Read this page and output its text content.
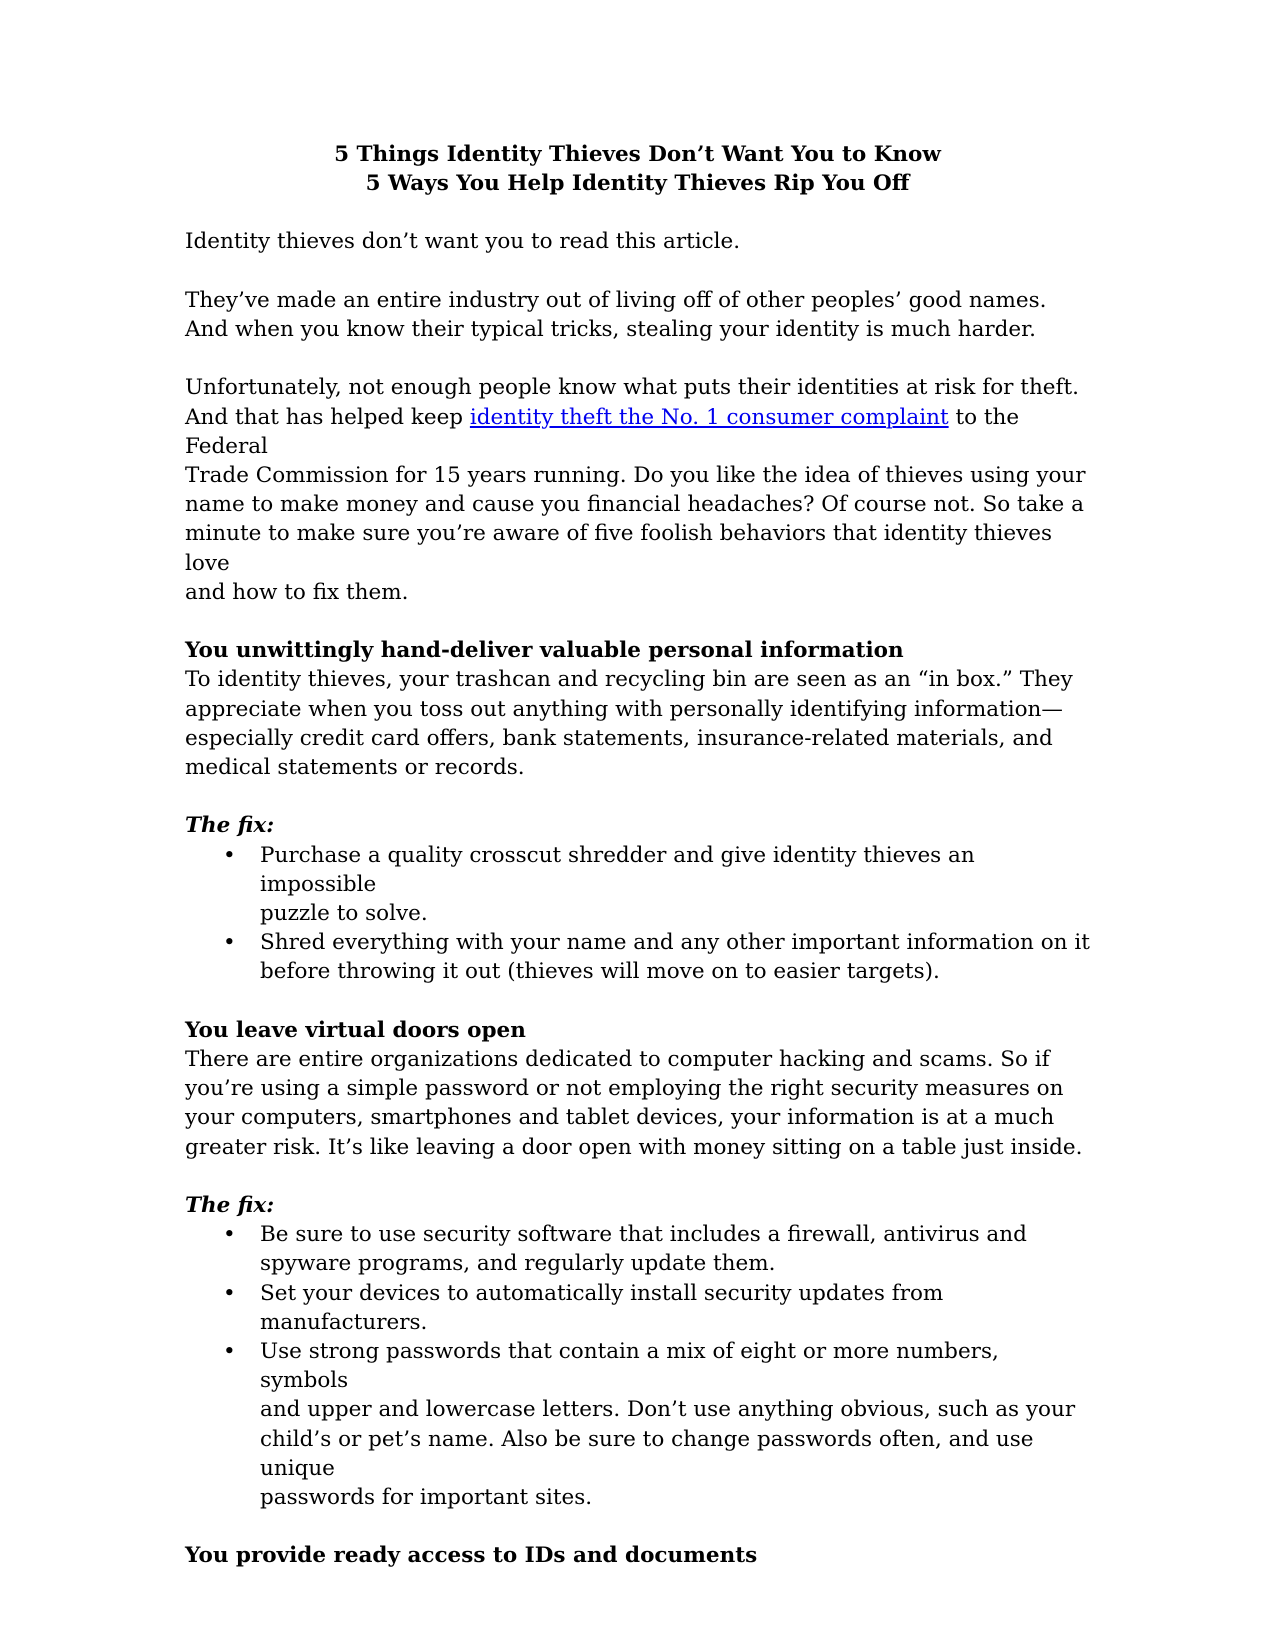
5 Things Identity Thieves Don’t Want You to Know
5 Ways You Help Identity Thieves Rip You Off

Identity thieves don’t want you to read this article.

They’ve made an entire industry out of living off of other peoples’ good names.
And when you know their typical tricks, stealing your identity is much harder.

Unfortunately, not enough people know what puts their identities at risk for theft.
And that has helped keep identity theft the No. 1 consumer complaint to the Federal
Trade Commission for 15 years running. Do you like the idea of thieves using your
name to make money and cause you financial headaches? Of course not. So take a
minute to make sure you’re aware of five foolish behaviors that identity thieves love
and how to fix them.

You unwittingly hand-deliver valuable personal information
To identity thieves, your trashcan and recycling bin are seen as an “in box.” They
appreciate when you toss out anything with personally identifying information—
especially credit card offers, bank statements, insurance-related materials, and
medical statements or records.

The fix:
• Purchase a quality crosscut shredder and give identity thieves an impossible
puzzle to solve.
• Shred everything with your name and any other important information on it
before throwing it out (thieves will move on to easier targets).

You leave virtual doors open
There are entire organizations dedicated to computer hacking and scams. So if
you’re using a simple password or not employing the right security measures on
your computers, smartphones and tablet devices, your information is at a much
greater risk. It’s like leaving a door open with money sitting on a table just inside.

The fix:
• Be sure to use security software that includes a firewall, antivirus and
spyware programs, and regularly update them.
• Set your devices to automatically install security updates from
manufacturers.
• Use strong passwords that contain a mix of eight or more numbers, symbols
and upper and lowercase letters. Don’t use anything obvious, such as your
child’s or pet’s name. Also be sure to change passwords often, and use unique
passwords for important sites.
You provide ready access to IDs and documents
